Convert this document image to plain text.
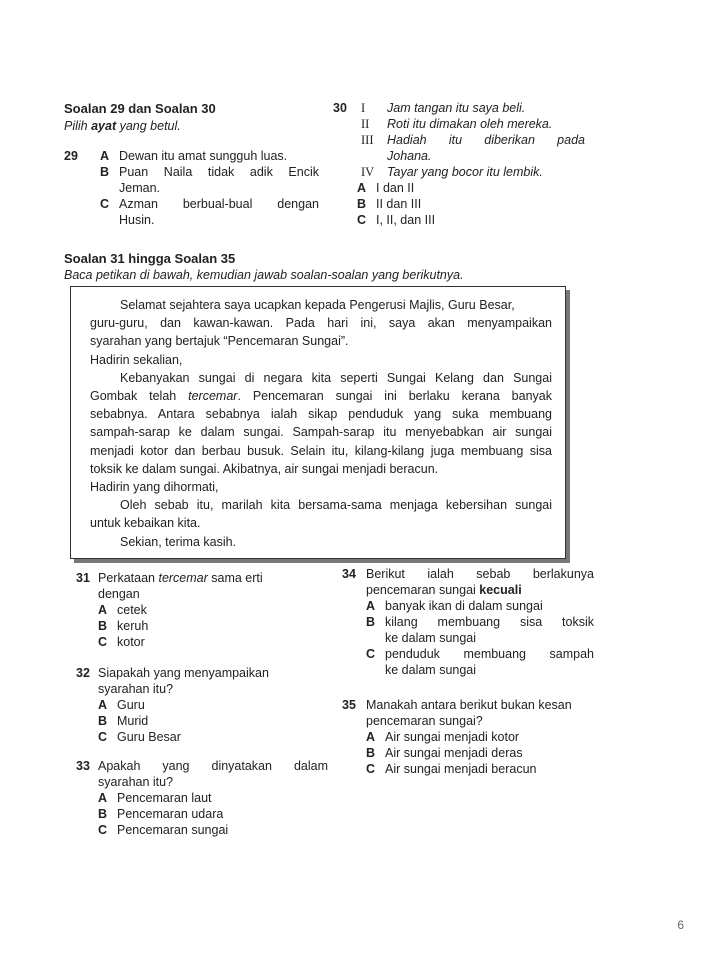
Soalan 29 dan Soalan 30
Pilih ayat yang betul.
29 A Dewan itu amat sungguh luas.
B Puan Naila tidak adik Encik
Jeman.
C Azman berbual-bual dengan
Husin.
30 I Jam tangan itu saya beli.
II Roti itu dimakan oleh mereka.
III Hadiah itu diberikan pada
Johana.
IV Tayar yang bocor itu lembik.
A I dan II
B II dan III
C I, II, dan III
Soalan 31 hingga Soalan 35
Baca petikan di bawah, kemudian jawab soalan-soalan yang berikutnya.
Selamat sejahtera saya ucapkan kepada Pengerusi Majlis, Guru Besar,
guru-guru, dan kawan-kawan. Pada hari ini, saya akan menyampaikan
syarahan yang bertajuk “Pencemaran Sungai”.
Hadirin sekalian,
Kebanyakan sungai di negara kita seperti Sungai Kelang dan Sungai
Gombak telah tercemar. Pencemaran sungai ini berlaku kerana banyak
sebabnya. Antara sebabnya ialah sikap penduduk yang suka membuang
sampah-sarap ke dalam sungai. Sampah-sarap itu menyebabkan air sungai
menjadi kotor dan berbau busuk. Selain itu, kilang-kilang juga membuang sisa
toksik ke dalam sungai. Akibatnya, air sungai menjadi beracun.
Hadirin yang dihormati,
Oleh sebab itu, marilah kita bersama-sama menjaga kebersihan sungai
untuk kebaikan kita.
Sekian, terima kasih.
31 Perkataan tercemar sama erti
dengan
A cetek
B keruh
C kotor
32 Siapakah yang menyampaikan
syarahan itu?
A Guru
B Murid
C Guru Besar
33 Apakah yang dinyatakan dalam
syarahan itu?
A Pencemaran laut
B Pencemaran udara
C Pencemaran sungai
34 Berikut ialah sebab berlakunya
pencemaran sungai kecuali
A banyak ikan di dalam sungai
B kilang membuang sisa toksik
ke dalam sungai
C penduduk membuang sampah
ke dalam sungai
35 Manakah antara berikut bukan kesan
pencemaran sungai?
A Air sungai menjadi kotor
B Air sungai menjadi deras
C Air sungai menjadi beracun
6
